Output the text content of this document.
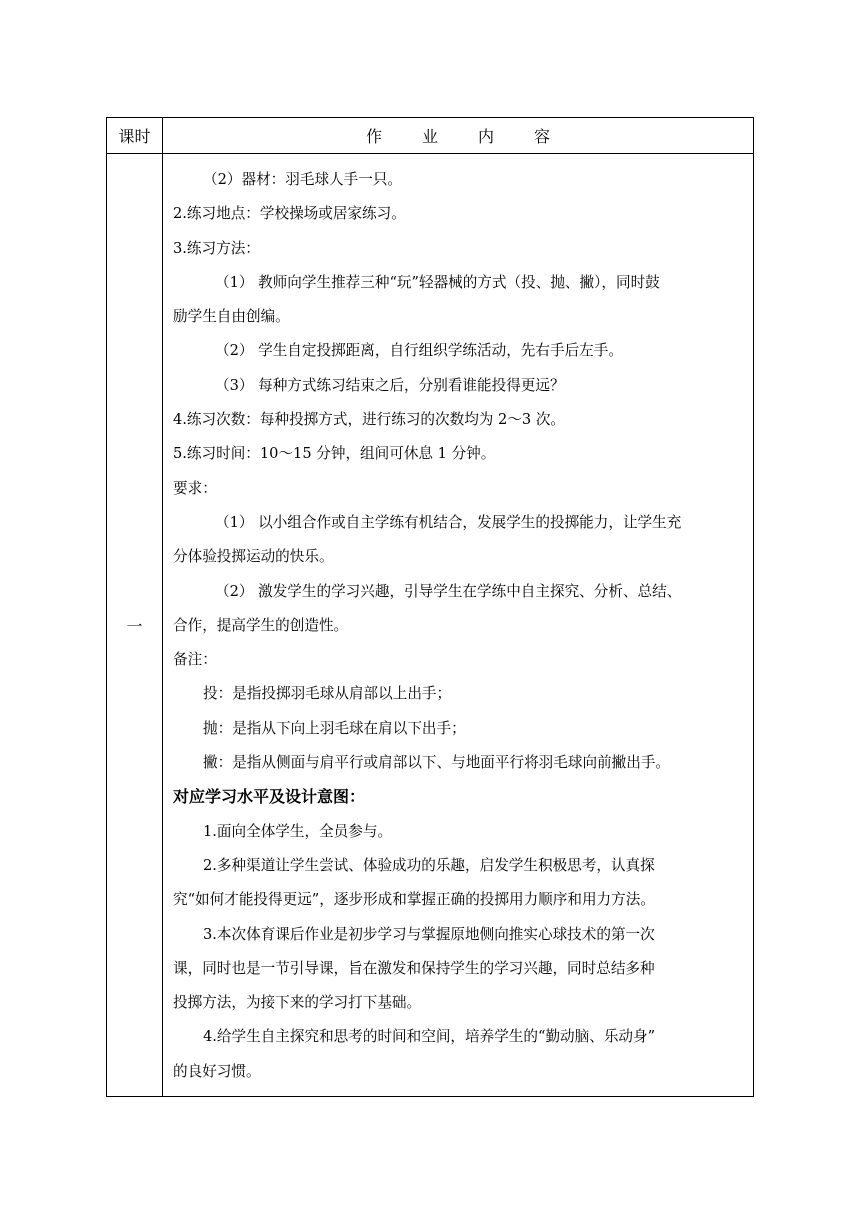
课时	作业内容
一

（2）器材：羽毛球人手一只。

2.练习地点：学校操场或居家练习。

3.练习方法：

（1） 教师向学生推荐三种“玩”轻器械的方式（投、抛、撇），同时鼓

励学生自由创编。

（2） 学生自定投掷距离，自行组织学练活动，先右手后左手。

（3） 每种方式练习结束之后，分别看谁能投得更远？

4.练习次数：每种投掷方式，进行练习的次数均为 2～3 次。

5.练习时间：10～15 分钟，组间可休息 1 分钟。

要求：

（1） 以小组合作或自主学练有机结合，发展学生的投掷能力，让学生充

分体验投掷运动的快乐。

（2） 激发学生的学习兴趣，引导学生在学练中自主探究、分析、总结、

合作，提高学生的创造性。

备注：

投：是指投掷羽毛球从肩部以上出手；

抛：是指从下向上羽毛球在肩以下出手；

撇：是指从侧面与肩平行或肩部以下、与地面平行将羽毛球向前撇出手。

对应学习水平及设计意图：

1.面向全体学生，全员参与。

2.多种渠道让学生尝试、体验成功的乐趣，启发学生积极思考，认真探

究“如何才能投得更远”，逐步形成和掌握正确的投掷用力顺序和用力方法。

3.本次体育课后作业是初步学习与掌握原地侧向推实心球技术的第一次

课，同时也是一节引导课，旨在激发和保持学生的学习兴趣，同时总结多种

投掷方法，为接下来的学习打下基础。

4.给学生自主探究和思考的时间和空间，培养学生的“勤动脑、乐动身”

的良好习惯。
